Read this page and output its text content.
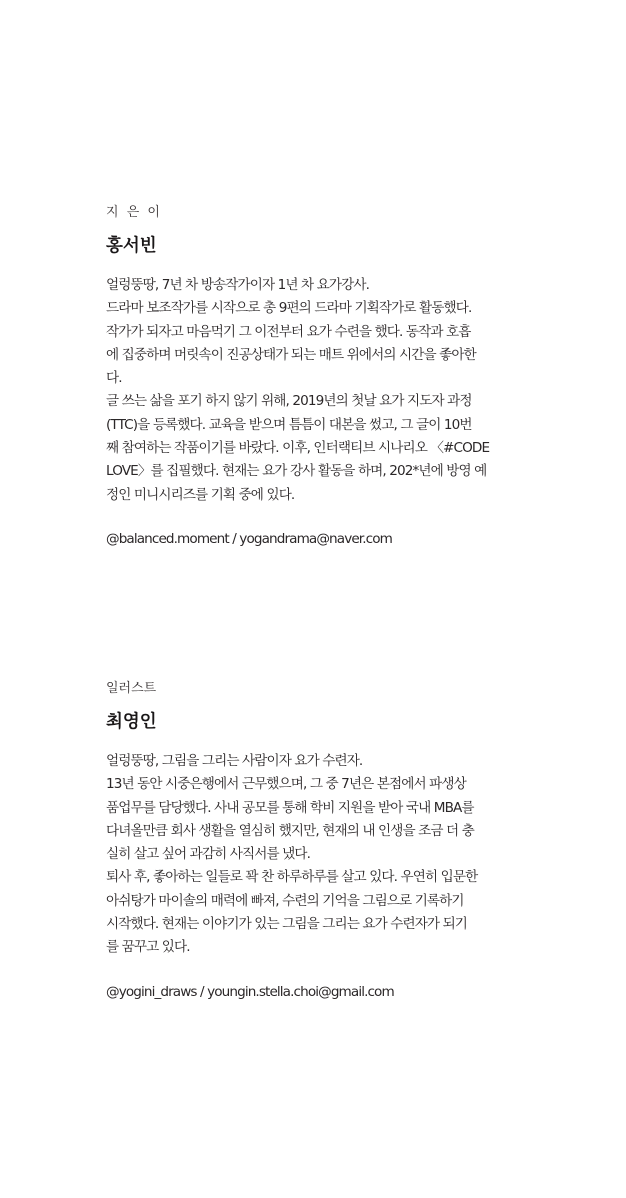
지 은 이
홍서빈
얼렁뚱땅, 7년 차 방송작가이자 1년 차 요가강사.
드라마 보조작가를 시작으로 총 9편의 드라마 기획작가로 활동했다.
작가가 되자고 마음먹기 그 이전부터 요가 수련을 했다. 동작과 호흡
에 집중하며 머릿속이 진공상태가 되는 매트 위에서의 시간을 좋아한
다.
글 쓰는 삶을 포기 하지 않기 위해, 2019년의 첫날 요가 지도자 과정
(TTC)을 등록했다. 교육을 받으며 틈틈이 대본을 썼고, 그 글이 10번
째 참여하는 작품이기를 바랐다. 이후, 인터랙티브 시나리오 〈#CODE
LOVE〉를 집필했다. 현재는 요가 강사 활동을 하며, 202*년에 방영 예
정인 미니시리즈를 기획 중에 있다.
@balanced.moment / yogandrama@naver.com
일러스트
최영인
얼렁뚱땅, 그림을 그리는 사람이자 요가 수련자.
13년 동안 시중은행에서 근무했으며, 그 중 7년은 본점에서 파생상
품업무를 담당했다. 사내 공모를 통해 학비 지원을 받아 국내 MBA를
다녀올만큼 회사 생활을 열심히 했지만, 현재의 내 인생을 조금 더 충
실히 살고 싶어 과감히 사직서를 냈다.
퇴사 후, 좋아하는 일들로 꽉 찬 하루하루를 살고 있다. 우연히 입문한
아쉬탕가 마이솔의 매력에 빠져, 수련의 기억을 그림으로 기록하기
시작했다. 현재는 이야기가 있는 그림을 그리는 요가 수련자가 되기
를 꿈꾸고 있다.
@yogini_draws / youngin.stella.choi@gmail.com
